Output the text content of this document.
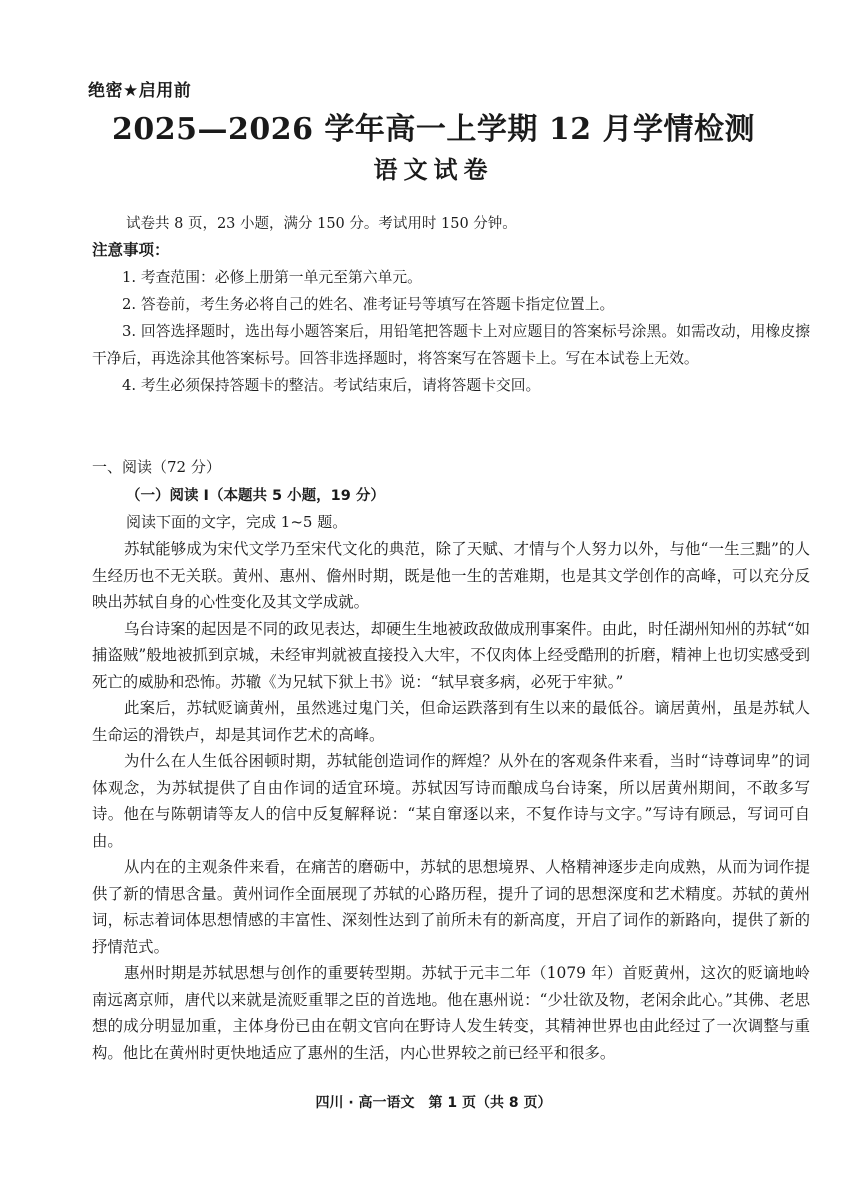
绝密★启用前
2025—2026 学年高一上学期 12 月学情检测
语文试卷
试卷共 8 页，23 小题，满分 150 分。考试用时 150 分钟。
注意事项：

1. 考查范围：必修上册第一单元至第六单元。

2. 答卷前，考生务必将自己的姓名、准考证号等填写在答题卡指定位置上。

3. 回答选择题时，选出每小题答案后，用铅笔把答题卡上对应题目的答案标号涂黑。如需改动，用橡皮擦干净后，再选涂其他答案标号。回答非选择题时，将答案写在答题卡上。写在本试卷上无效。

4. 考生必须保持答题卡的整洁。考试结束后，请将答题卡交回。

一、阅读（72 分）
（一）阅读 I（本题共 5 小题，19 分）
阅读下面的文字，完成 1~5 题。

苏轼能够成为宋代文学乃至宋代文化的典范，除了天赋、才情与个人努力以外，与他“一生三黜”的人生经历也不无关联。黄州、惠州、儋州时期，既是他一生的苦难期，也是其文学创作的高峰，可以充分反映出苏轼自身的心性变化及其文学成就。

乌台诗案的起因是不同的政见表达，却硬生生地被政敌做成刑事案件。由此，时任湖州知州的苏轼“如捕盗贼”般地被抓到京城，未经审判就被直接投入大牢，不仅肉体上经受酷刑的折磨，精神上也切实感受到死亡的威胁和恐怖。苏辙《为兄轼下狱上书》说：“轼早衰多病，必死于牢狱。”

此案后，苏轼贬谪黄州，虽然逃过鬼门关，但命运跌落到有生以来的最低谷。谪居黄州，虽是苏轼人生命运的滑铁卢，却是其词作艺术的高峰。

为什么在人生低谷困顿时期，苏轼能创造词作的辉煌？从外在的客观条件来看，当时“诗尊词卑”的词体观念，为苏轼提供了自由作词的适宜环境。苏轼因写诗而酿成乌台诗案，所以居黄州期间，不敢多写诗。他在与陈朝请等友人的信中反复解释说：“某自窜逐以来，不复作诗与文字。”写诗有顾忌，写词可自由。

从内在的主观条件来看，在痛苦的磨砺中，苏轼的思想境界、人格精神逐步走向成熟，从而为词作提供了新的情思含量。黄州词作全面展现了苏轼的心路历程，提升了词的思想深度和艺术精度。苏轼的黄州词，标志着词体思想情感的丰富性、深刻性达到了前所未有的新高度，开启了词作的新路向，提供了新的抒情范式。

惠州时期是苏轼思想与创作的重要转型期。苏轼于元丰二年（1079 年）首贬黄州，这次的贬谪地岭南远离京师，唐代以来就是流贬重罪之臣的首选地。他在惠州说：“少壮欲及物，老闲余此心。”其佛、老思想的成分明显加重，主体身份已由在朝文官向在野诗人发生转变，其精神世界也由此经过了一次调整与重构。他比在黄州时更快地适应了惠州的生活，内心世界较之前已经平和很多。

四川 · 高一语文　第 1 页（共 8 页）
